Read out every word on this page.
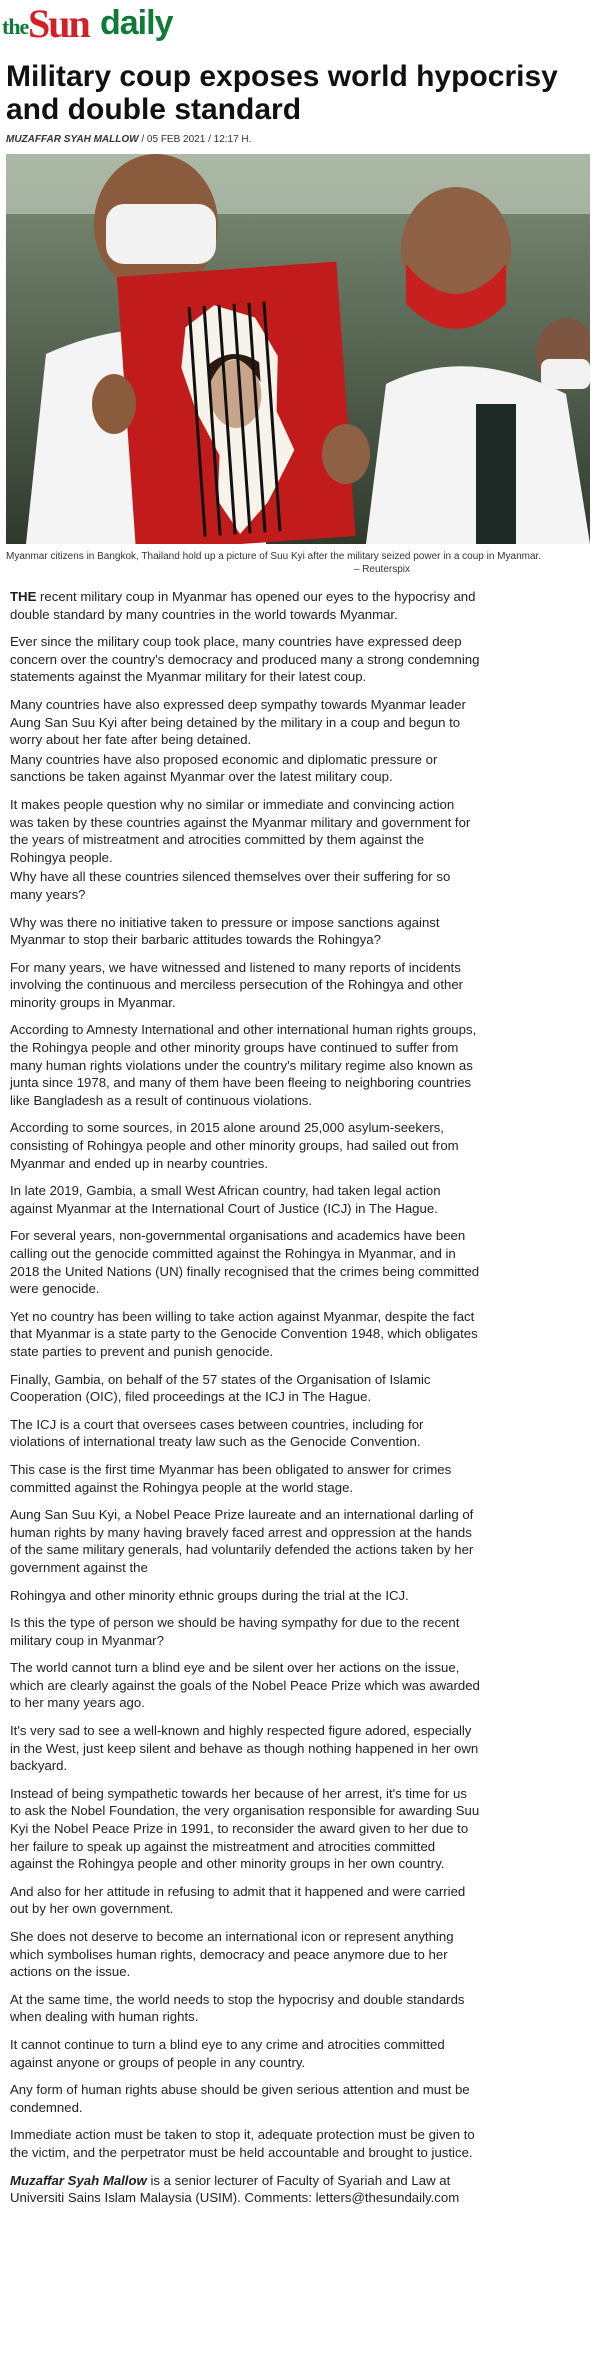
the Sun daily
Military coup exposes world hypocrisy and double standard
MUZAFFAR SYAH MALLOW / 05 FEB 2021 / 12:17 H.
Myanmar citizens in Bangkok, Thailand hold up a picture of Suu Kyi after the military seized power in a coup in Myanmar.
– Reuterspix

THE recent military coup in Myanmar has opened our eyes to the hypocrisy and double standard by many countries in the world towards Myanmar.

Ever since the military coup took place, many countries have expressed deep concern over the country's democracy and produced many a strong condemning statements against the Myanmar military for their latest coup.

Many countries have also expressed deep sympathy towards Myanmar leader Aung San Suu Kyi after being detained by the military in a coup and begun to worry about her fate after being detained.

Many countries have also proposed economic and diplomatic pressure or sanctions be taken against Myanmar over the latest military coup.

It makes people question why no similar or immediate and convincing action was taken by these countries against the Myanmar military and government for the years of mistreatment and atrocities committed by them against the Rohingya people.

Why have all these countries silenced themselves over their suffering for so many years?

Why was there no initiative taken to pressure or impose sanctions against Myanmar to stop their barbaric attitudes towards the Rohingya?

For many years, we have witnessed and listened to many reports of incidents involving the continuous and merciless persecution of the Rohingya and other minority groups in Myanmar.

According to Amnesty International and other international human rights groups, the Rohingya people and other minority groups have continued to suffer from many human rights violations under the country's military regime also known as junta since 1978, and many of them have been fleeing to neighboring countries like Bangladesh as a result of continuous violations.

According to some sources, in 2015 alone around 25,000 asylum-seekers, consisting of Rohingya people and other minority groups, had sailed out from Myanmar and ended up in nearby countries.

In late 2019, Gambia, a small West African country, had taken legal action against Myanmar at the International Court of Justice (ICJ) in The Hague.

For several years, non-governmental organisations and academics have been calling out the genocide committed against the Rohingya in Myanmar, and in 2018 the United Nations (UN) finally recognised that the crimes being committed were genocide.

Yet no country has been willing to take action against Myanmar, despite the fact that Myanmar is a state party to the Genocide Convention 1948, which obligates state parties to prevent and punish genocide.

Finally, Gambia, on behalf of the 57 states of the Organisation of Islamic Cooperation (OIC), filed proceedings at the ICJ in The Hague.

The ICJ is a court that oversees cases between countries, including for violations of international treaty law such as the Genocide Convention.

This case is the first time Myanmar has been obligated to answer for crimes committed against the Rohingya people at the world stage.

Aung San Suu Kyi, a Nobel Peace Prize laureate and an international darling of human rights by many having bravely faced arrest and oppression at the hands of the same military generals, had voluntarily defended the actions taken by her government against the

Rohingya and other minority ethnic groups during the trial at the ICJ.

Is this the type of person we should be having sympathy for due to the recent military coup in Myanmar?

The world cannot turn a blind eye and be silent over her actions on the issue, which are clearly against the goals of the Nobel Peace Prize which was awarded to her many years ago.

It's very sad to see a well-known and highly respected figure adored, especially in the West, just keep silent and behave as though nothing happened in her own backyard.

Instead of being sympathetic towards her because of her arrest, it's time for us to ask the Nobel Foundation, the very organisation responsible for awarding Suu Kyi the Nobel Peace Prize in 1991, to reconsider the award given to her due to her failure to speak up against the mistreatment and atrocities committed against the Rohingya people and other minority groups in her own country.

And also for her attitude in refusing to admit that it happened and were carried out by her own government.

She does not deserve to become an international icon or represent anything which symbolises human rights, democracy and peace anymore due to her actions on the issue.

At the same time, the world needs to stop the hypocrisy and double standards when dealing with human rights.

It cannot continue to turn a blind eye to any crime and atrocities committed against anyone or groups of people in any country.

Any form of human rights abuse should be given serious attention and must be condemned.

Immediate action must be taken to stop it, adequate protection must be given to the victim, and the perpetrator must be held accountable and brought to justice.

Muzaffar Syah Mallow is a senior lecturer of Faculty of Syariah and Law at Universiti Sains Islam Malaysia (USIM). Comments: letters@thesundaily.com
